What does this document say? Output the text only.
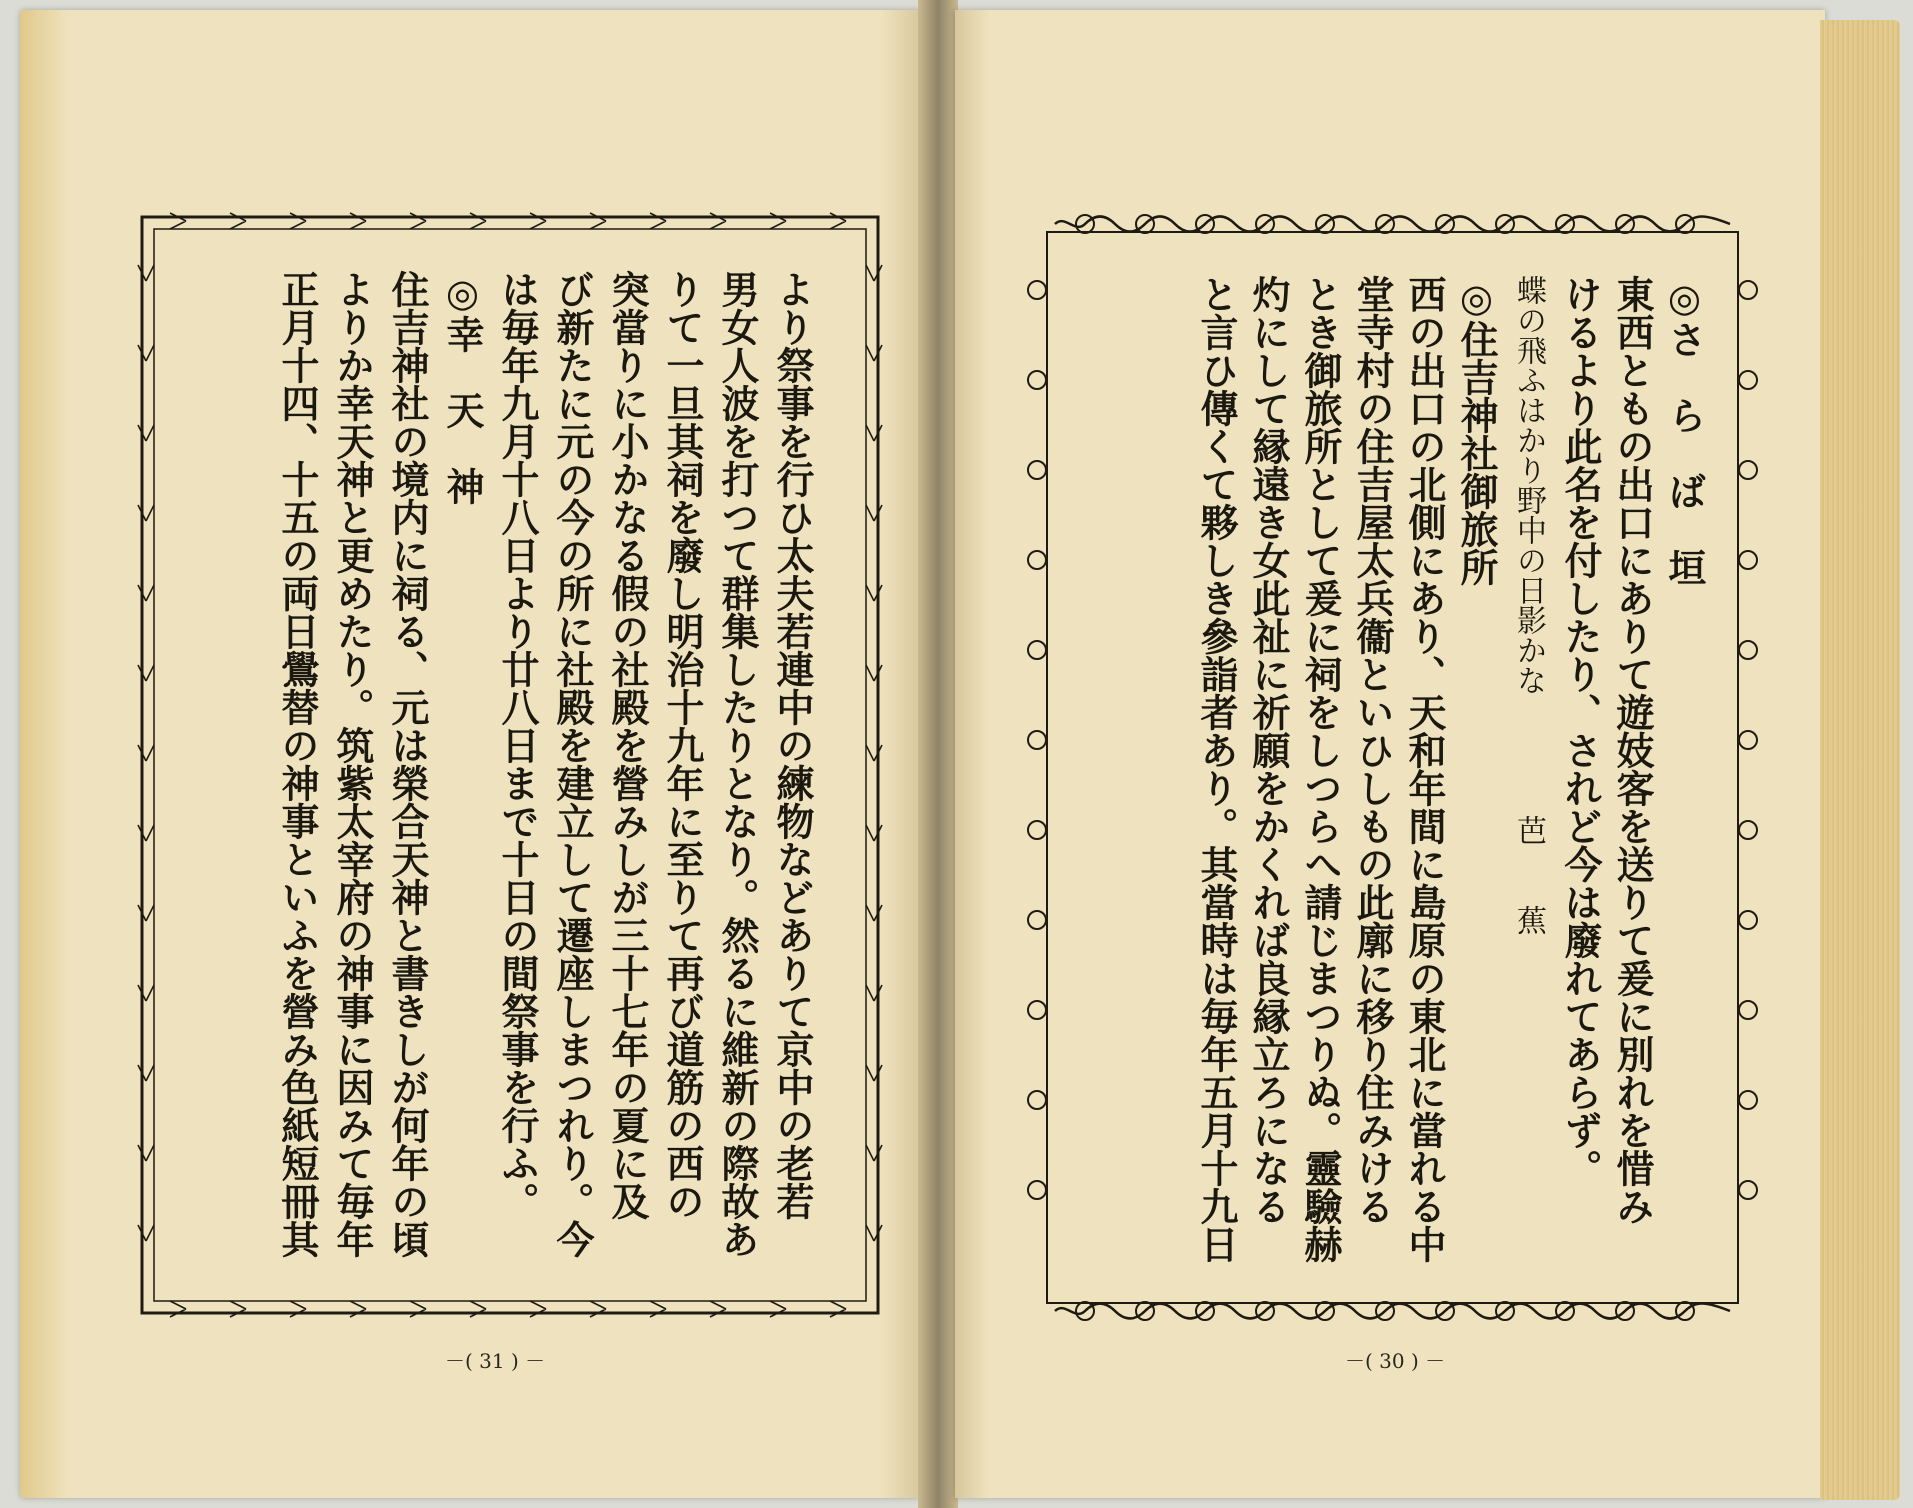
より祭事を行ひ太夫若連中の練物などありて京中の老若
男女人波を打つて群集したりとなり。然るに維新の際故あ
りて一旦其祠を廢し明治十九年に至りて再び道筋の西の
突當りに小かなる假の社殿を營みしが三十七年の夏に及
び新たに元の今の所に社殿を建立して遷座しまつれり。今
は毎年九月十八日より廿八日まで十日の間祭事を行ふ。
◎幸　天　神
住吉神社の境内に祠る、元は榮合天神と書きしが何年の頃
よりか幸天神と更めたり。筑紫太宰府の神事に因みて毎年
正月十四、十五の両日鷽替の神事といふを營み色紙短冊其	◎さ　ら　ば　垣
東西ともの出口にありて遊妓客を送りて爰に別れを惜み
けるより此名を付したり、されど今は廢れてあらず。
蝶の飛ふはかり野中の日影かな　　　　芭　　蕉
◎住吉神社御旅所
西の出口の北側にあり、天和年間に島原の東北に當れる中
堂寺村の住吉屋太兵衞といひしもの此廓に移り住みける
とき御旅所として爰に祠をしつらへ請じまつりぬ。靈驗赫
灼にして縁遠き女此祉に祈願をかくれば良縁立ろになる
と言ひ傳くて夥しき參詣者あり。其當時は毎年五月十九日
－( 31 ) －	－( 30 ) －
